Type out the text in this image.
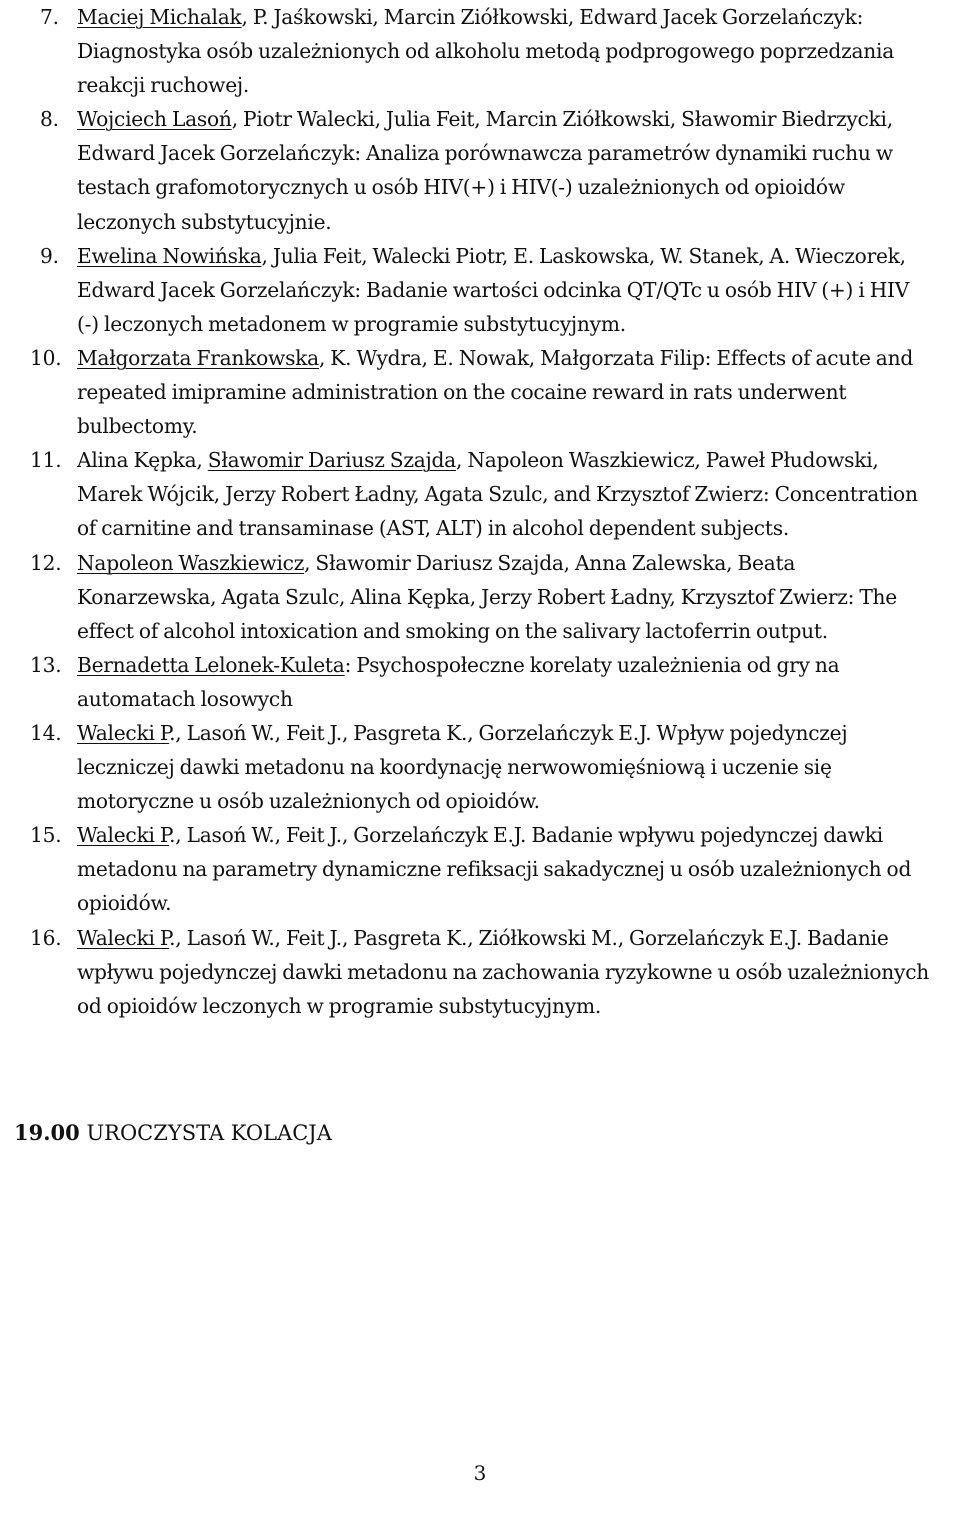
7. Maciej Michalak, P. Jaśkowski, Marcin Ziółkowski, Edward Jacek Gorzelańczyk: Diagnostyka osób uzależnionych od alkoholu metodą podprogowego poprzedzania reakcji ruchowej.
8. Wojciech Lasoń, Piotr Walecki, Julia Feit, Marcin Ziółkowski, Sławomir Biedrzycki, Edward Jacek Gorzelańczyk: Analiza porównawcza parametrów dynamiki ruchu w testach grafomotorycznych u osób HIV(+) i HIV(-) uzależnionych od opioidów leczonych substytucyjnie.
9. Ewelina Nowińska, Julia Feit, Walecki Piotr, E. Laskowska, W. Stanek, A. Wieczorek, Edward Jacek Gorzelańczyk: Badanie wartości odcinka QT/QTc u osób HIV (+) i HIV (-) leczonych metadonem w programie substytucyjnym.
10. Małgorzata Frankowska, K. Wydra, E. Nowak, Małgorzata Filip: Effects of acute and repeated imipramine administration on the cocaine reward in rats underwent bulbectomy.
11. Alina Kępka, Sławomir Dariusz Szajda, Napoleon Waszkiewicz, Paweł Płudowski, Marek Wójcik, Jerzy Robert Ładny, Agata Szulc, and Krzysztof Zwierz: Concentration of carnitine and transaminase (AST, ALT) in alcohol dependent subjects.
12. Napoleon Waszkiewicz, Sławomir Dariusz Szajda, Anna Zalewska, Beata Konarzewska, Agata Szulc, Alina Kępka, Jerzy Robert Ładny, Krzysztof Zwierz: The effect of alcohol intoxication and smoking on the salivary lactoferrin output.
13. Bernadetta Lelonek-Kuleta: Psychospołeczne korelaty uzależnienia od gry na automatach losowych
14. Walecki P., Lasoń W., Feit J., Pasgreta K., Gorzelańczyk E.J. Wpływ pojedynczej leczniczej dawki metadonu na koordynację nerwowomięśniową i uczenie się motoryczne u osób uzależnionych od opioidów.
15. Walecki P., Lasoń W., Feit J., Gorzelańczyk E.J. Badanie wpływu pojedynczej dawki metadonu na parametry dynamiczne refiksacji sakadycznej u osób uzależnionych od opioidów.
16. Walecki P., Lasoń W., Feit J., Pasgreta K., Ziółkowski M., Gorzelańczyk E.J. Badanie wpływu pojedynczej dawki metadonu na zachowania ryzykowne u osób uzależnionych od opioidów leczonych w programie substytucyjnym.
19.00 UROCZYSTA KOLACJA
3
